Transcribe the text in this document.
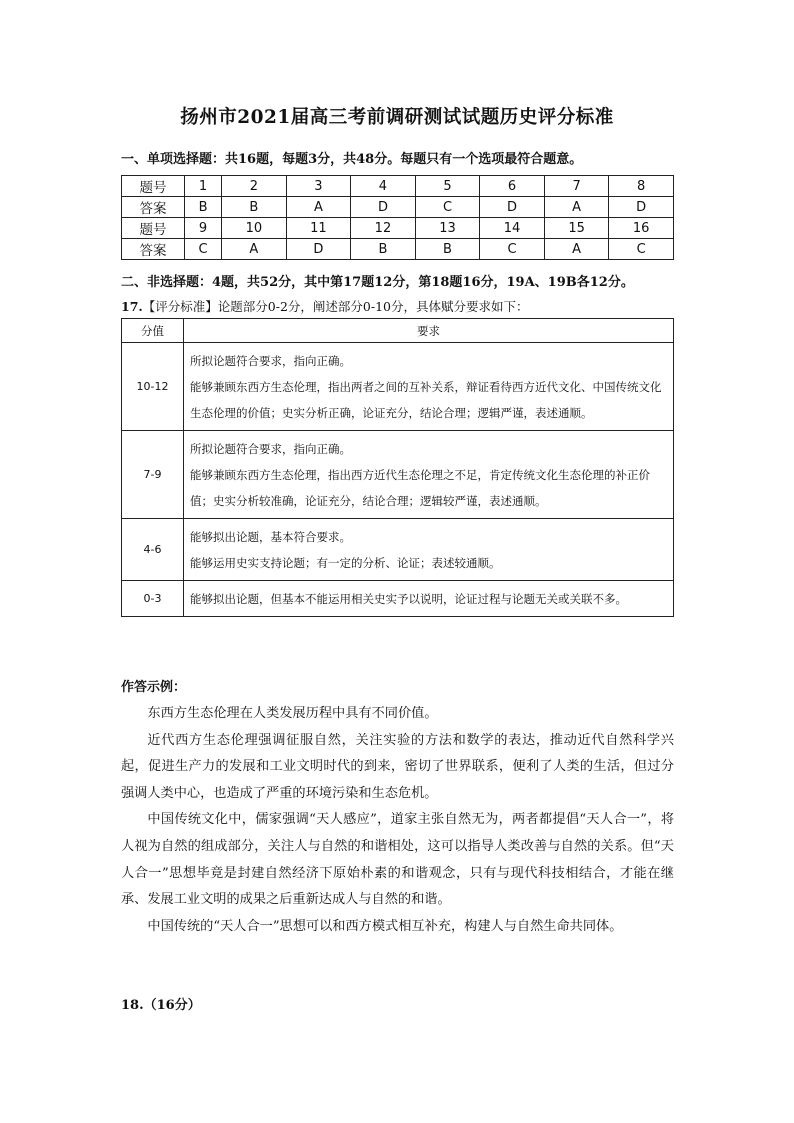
扬州市2021届高三考前调研测试试题历史评分标准
一、单项选择题：共16题，每题3分，共48分。每题只有一个选项最符合题意。
题号	1	2	3	4	5	6	7	8
答案	B	B	A	D	C	D	A	D
题号	9	10	11	12	13	14	15	16
答案	C	A	D	B	B	C	A	C
二、非选择题：4题，共52分，其中第17题12分，第18题16分，19A、19B各12分。
17.【评分标准】论题部分0-2分，阐述部分0-10分，具体赋分要求如下：
分值	要求
10-12	所拟论题符合要求，指向正确。
能够兼顾东西方生态伦理，指出两者之间的互补关系，辩证看待西方近代文化、中国传统文化生态伦理的价值；史实分析正确，论证充分，结论合理；逻辑严谨，表述通顺。

7-9	所拟论题符合要求，指向正确。
能够兼顾东西方生态伦理，指出西方近代生态伦理之不足，肯定传统文化生态伦理的补正价值；史实分析较准确，论证充分，结论合理；逻辑较严谨，表述通顺。

4-6	能够拟出论题，基本符合要求。
能够运用史实支持论题；有一定的分析、论证；表述较通顺。

0-3	能够拟出论题，但基本不能运用相关史实予以说明，论证过程与论题无关或关联不多。
作答示例：

东西方生态伦理在人类发展历程中具有不同价值。

近代西方生态伦理强调征服自然，关注实验的方法和数学的表达，推动近代自然科学兴起，促进生产力的发展和工业文明时代的到来，密切了世界联系，便利了人类的生活，但过分强调人类中心，也造成了严重的环境污染和生态危机。

中国传统文化中，儒家强调“天人感应”，道家主张自然无为，两者都提倡“天人合一”，将人视为自然的组成部分，关注人与自然的和谐相处，这可以指导人类改善与自然的关系。但“天人合一”思想毕竟是封建自然经济下原始朴素的和谐观念，只有与现代科技相结合，才能在继承、发展工业文明的成果之后重新达成人与自然的和谐。

中国传统的“天人合一”思想可以和西方模式相互补充，构建人与自然生命共同体。

18.（16分）
